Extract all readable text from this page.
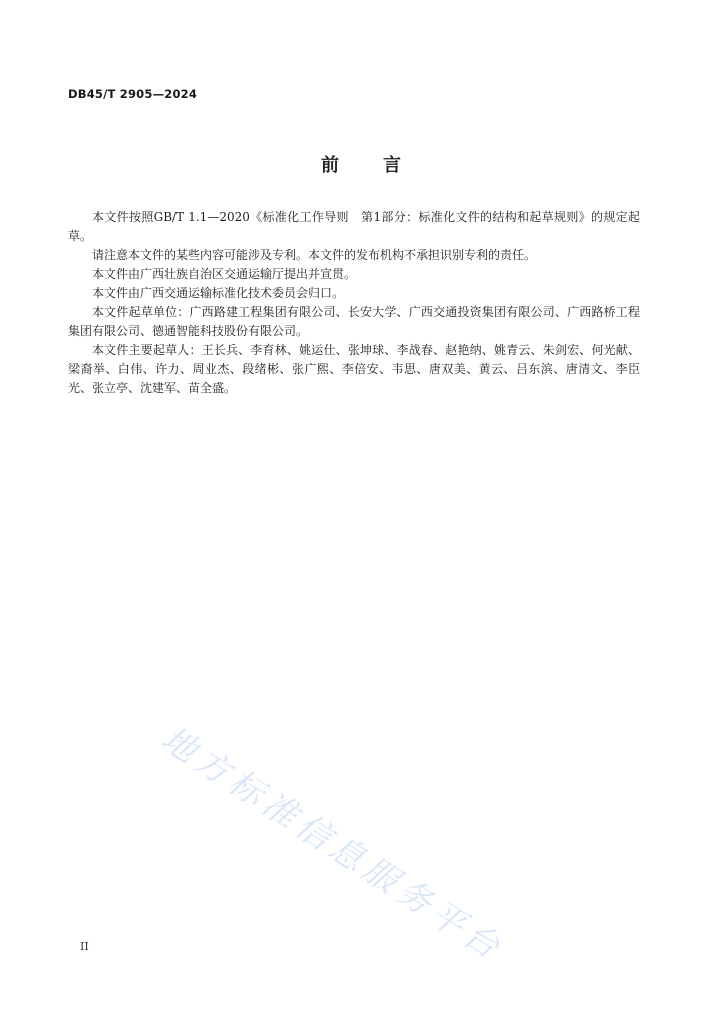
DB45/T 2905—2024
前 言

本文件按照GB/T 1.1—2020《标准化工作导则　第1部分：标准化文件的结构和起草规则》的规定起草。

请注意本文件的某些内容可能涉及专利。本文件的发布机构不承担识别专利的责任。

本文件由广西壮族自治区交通运输厅提出并宣贯。

本文件由广西交通运输标准化技术委员会归口。

本文件起草单位：广西路建工程集团有限公司、长安大学、广西交通投资集团有限公司、广西路桥工程集团有限公司、德通智能科技股份有限公司。

本文件主要起草人：王长兵、李育林、姚运仕、张坤球、李战春、赵艳纳、姚青云、朱剑宏、何光献、梁裔举、白伟、许力、周业杰、段绪彬、张广熙、李倍安、韦思、唐双美、黄云、吕东滨、唐清文、李臣光、张立亭、沈建军、苗全盛。

地方标准信息服务平台
II
